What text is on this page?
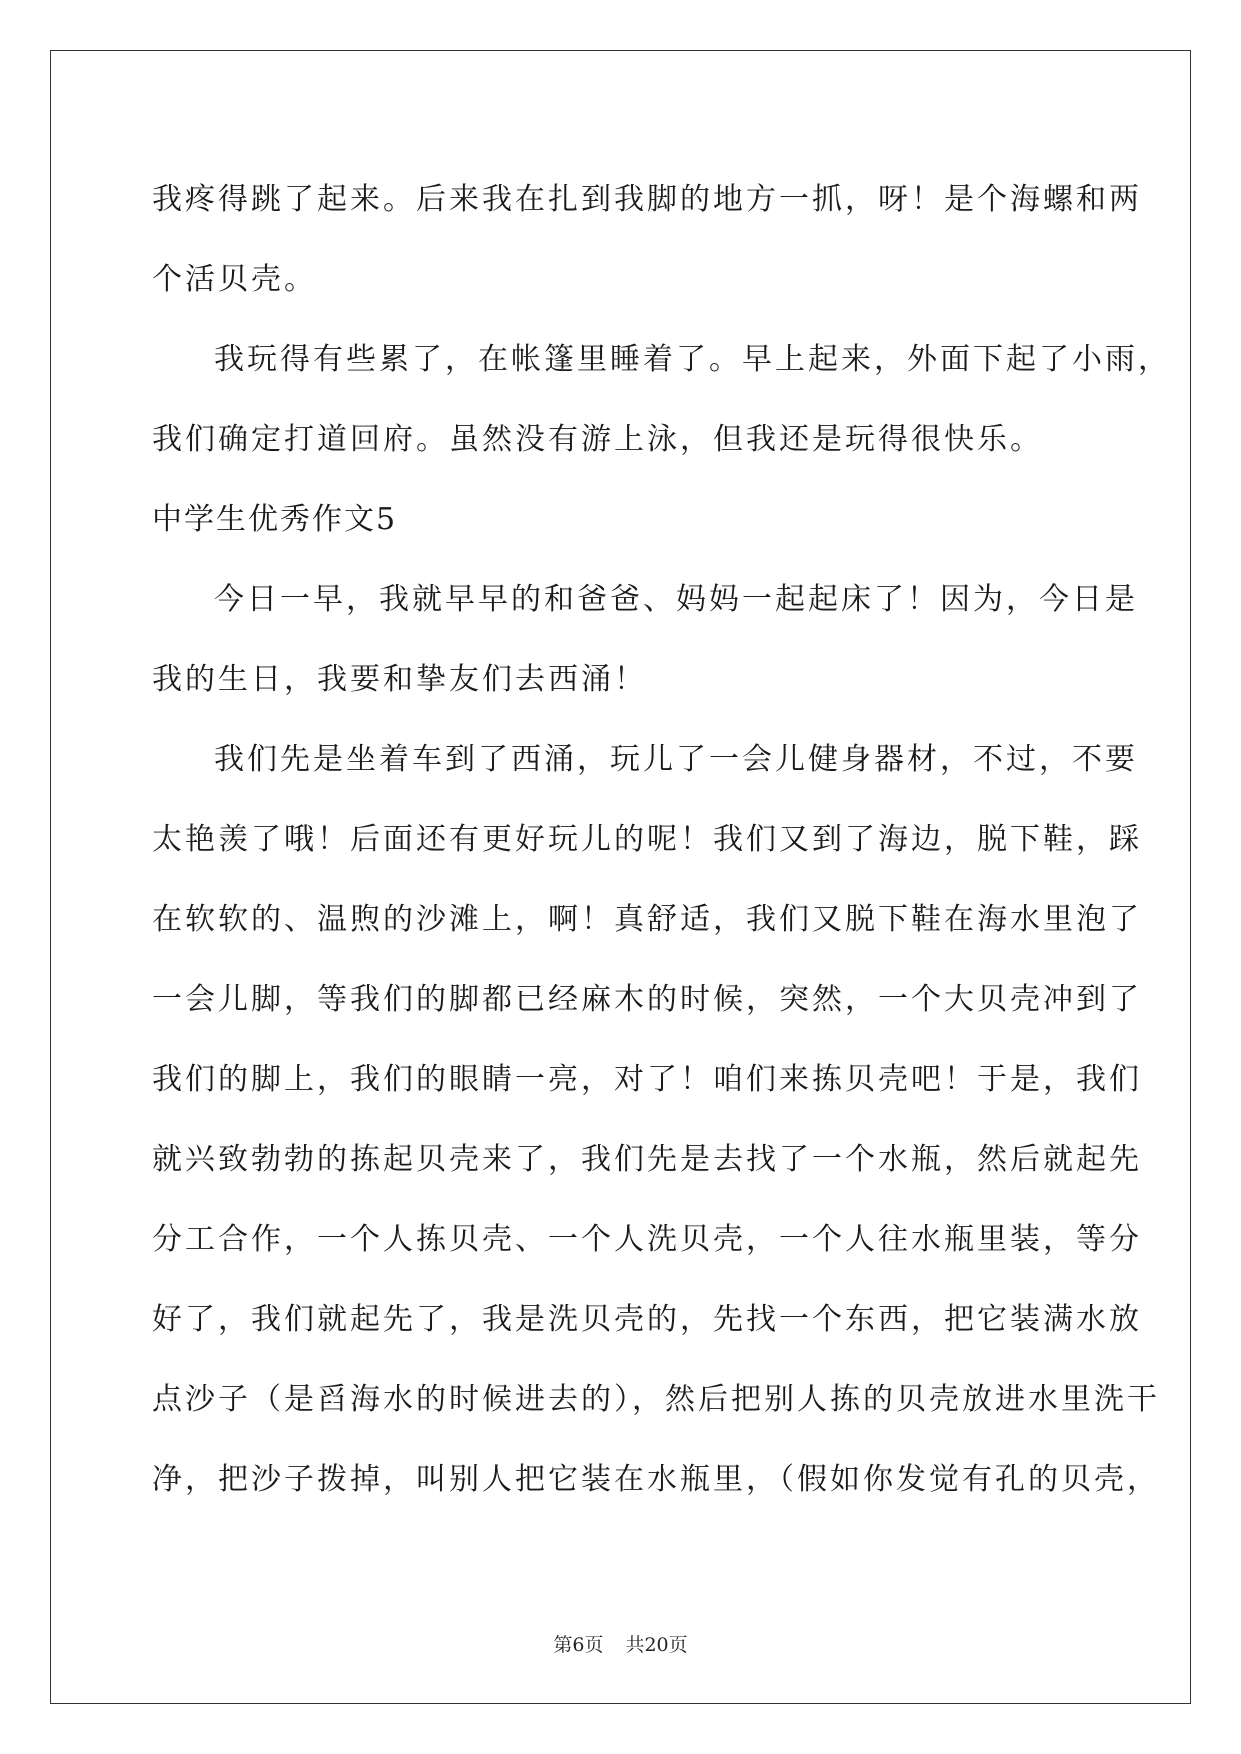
我疼得跳了起来。后来我在扎到我脚的地方一抓，呀！是个海螺和两

个活贝壳。

我玩得有些累了，在帐篷里睡着了。早上起来，外面下起了小雨，

我们确定打道回府。虽然没有游上泳，但我还是玩得很快乐。

中学生优秀作文5

今日一早，我就早早的和爸爸、妈妈一起起床了！因为，今日是

我的生日，我要和挚友们去西涌！

我们先是坐着车到了西涌，玩儿了一会儿健身器材，不过，不要

太艳羡了哦！后面还有更好玩儿的呢！我们又到了海边，脱下鞋，踩

在软软的、温煦的沙滩上，啊！真舒适，我们又脱下鞋在海水里泡了

一会儿脚，等我们的脚都已经麻木的时候，突然，一个大贝壳冲到了

我们的脚上，我们的眼睛一亮，对了！咱们来拣贝壳吧！于是，我们

就兴致勃勃的拣起贝壳来了，我们先是去找了一个水瓶，然后就起先

分工合作，一个人拣贝壳、一个人洗贝壳，一个人往水瓶里装，等分

好了，我们就起先了，我是洗贝壳的，先找一个东西，把它装满水放

点沙子（是舀海水的时候进去的），然后把别人拣的贝壳放进水里洗干

净，把沙子拨掉，叫别人把它装在水瓶里，（假如你发觉有孔的贝壳，

第6页 共20页
